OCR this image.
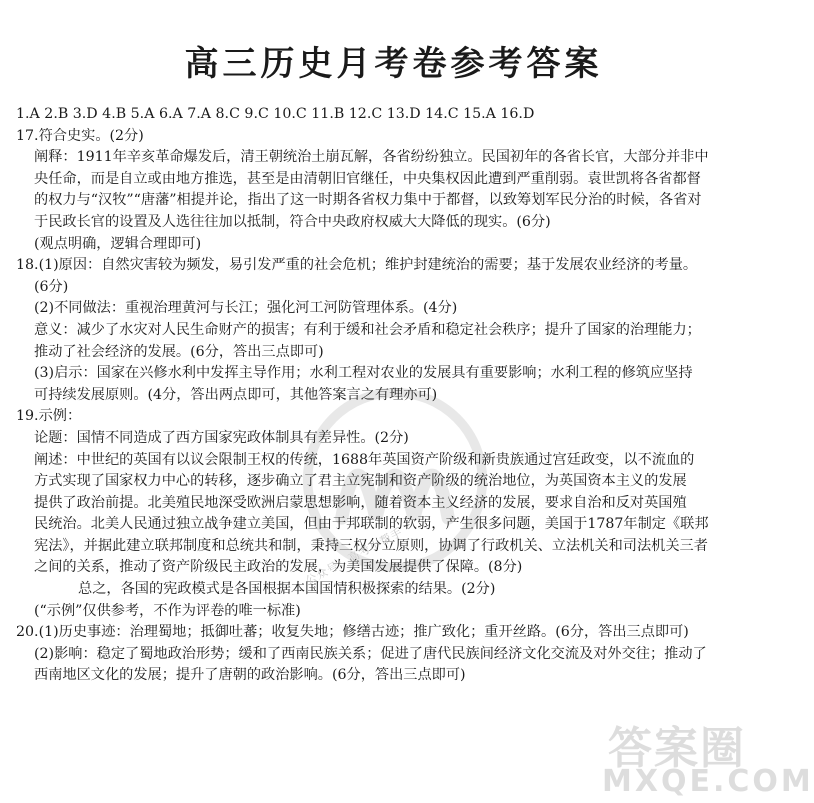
高三历史月考卷参考答案
1.A 2.B 3.D 4.B 5.A 6.A 7.A 8.C 9.C 10.C 11.B 12.C 13.D 14.C 15.A 16.D
17.符合史实。(2分)
阐释：1911年辛亥革命爆发后，清王朝统治土崩瓦解，各省纷纷独立。民国初年的各省长官，大部分并非中
央任命，而是自立或由地方推选，甚至是由清朝旧官继任，中央集权因此遭到严重削弱。袁世凯将各省都督
的权力与“汉牧”“唐藩”相提并论，指出了这一时期各省权力集中于都督，以致筹划军民分治的时候，各省对
于民政长官的设置及人选往往加以抵制，符合中央政府权威大大降低的现实。(6分)
(观点明确，逻辑合理即可)
18.(1)原因：自然灾害较为频发，易引发严重的社会危机；维护封建统治的需要；基于发展农业经济的考量。
(6分)
(2)不同做法：重视治理黄河与长江；强化河工河防管理体系。(4分)
意义：减少了水灾对人民生命财产的损害；有利于缓和社会矛盾和稳定社会秩序；提升了国家的治理能力；
推动了社会经济的发展。(6分，答出三点即可)
(3)启示：国家在兴修水利中发挥主导作用；水利工程对农业的发展具有重要影响；水利工程的修筑应坚持
可持续发展原则。(4分，答出两点即可，其他答案言之有理亦可)
19.示例：
论题：国情不同造成了西方国家宪政体制具有差异性。(2分)
阐述：中世纪的英国有以议会限制王权的传统，1688年英国资产阶级和新贵族通过宫廷政变，以不流血的
方式实现了国家权力中心的转移，逐步确立了君主立宪制和资产阶级的统治地位，为英国资本主义的发展
提供了政治前提。北美殖民地深受欧洲启蒙思想影响，随着资本主义经济的发展，要求自治和反对英国殖
民统治。北美人民通过独立战争建立美国，但由于邦联制的软弱，产生很多问题，美国于1787年制定《联邦
宪法》，并据此建立联邦制度和总统共和制，秉持三权分立原则，协调了行政机关、立法机关和司法机关三者
之间的关系，推动了资产阶级民主政治的发展，为美国发展提供了保障。(8分)
总之，各国的宪政模式是各国根据本国国情积极探索的结果。(2分)
(“示例”仅供参考，不作为评卷的唯一标准)
20.(1)历史事迹：治理蜀地；抵御吐蕃；收复失地；修缮古迹；推广致化；重开丝路。(6分，答出三点即可)
(2)影响：稳定了蜀地政治形势；缓和了西南民族关系；促进了唐代民族间经济文化交流及对外交往；推动了
西南地区文化的发展；提升了唐朝的政治影响。(6分，答出三点即可)
公众号：高考小帮手
答案圈
MXQE.COM
